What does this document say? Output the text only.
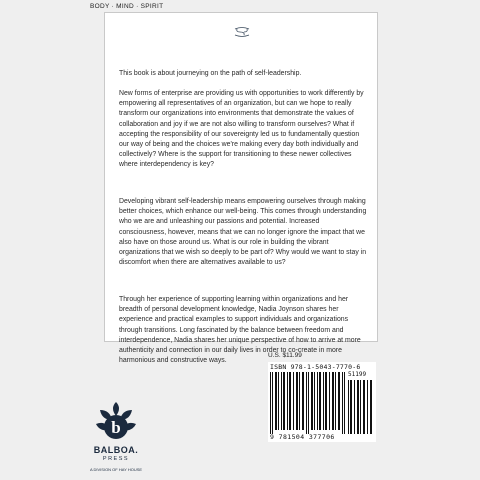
BODY · MIND · SPIRIT

This book is about journeying on the path of self-leadership.

New forms of enterprise are providing us with opportunities to work differently by empowering all representatives of an organization, but can we hope to really transform our organizations into environments that demonstrate the values of collaboration and joy if we are not also willing to transform ourselves? What if accepting the responsibility of our sovereignty led us to fundamentally question our way of being and the choices we're making every day both individually and collectively? Where is the support for transitioning to these newer collectives where interdependency is key?

Developing vibrant self-leadership means empowering ourselves through making better choices, which enhance our well-being. This comes through understanding who we are and unleashing our passions and potential. Increased consciousness, however, means that we can no longer ignore the impact that we also have on those around us. What is our role in building the vibrant organizations that we wish so deeply to be part of? Why would we want to stay in discomfort when there are alternatives available to us?

Through her experience of supporting learning within organizations and her breadth of personal development knowledge, Nadia Joynson shares her experience and practical examples to support individuals and organizations through transitions. Long fascinated by the balance between freedom and interdependence, Nadia shares her unique perspective of how to arrive at more authenticity and connection in our daily lives in order to co-create in more harmonious and constructive ways.

U.S. $11.99
ISBN 978-1-5043-7770-6
51199
9 781504 377706
b
BALBOA.
PRESS
A DIVISION OF HAY HOUSE
